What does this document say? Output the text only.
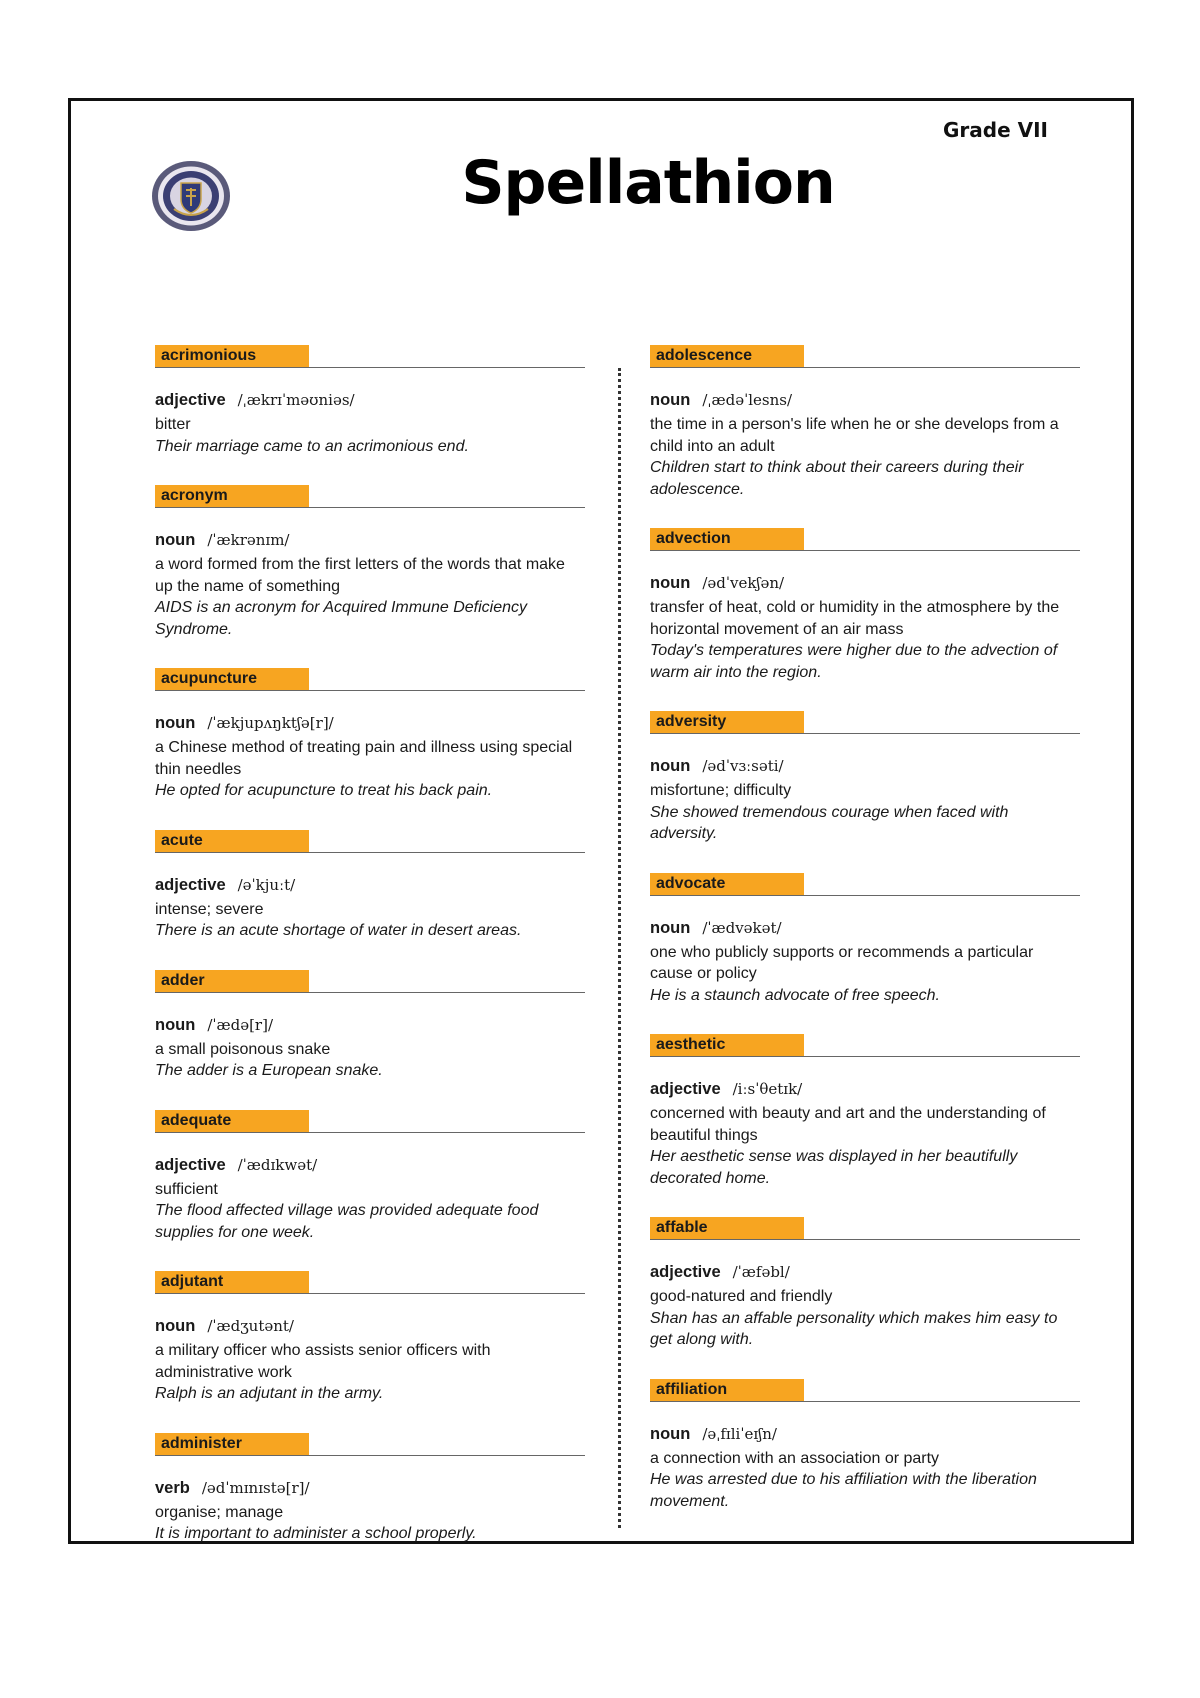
Grade VII
Spellathion
acrimonious

adjective /ˌækrɪˈməʊniəs/

bitter

Their marriage came to an acrimonious end.

acronym

noun /ˈækrənɪm/

a word formed from the first letters of the words that make up the name of something

AIDS is an acronym for Acquired Immune Deficiency Syndrome.

acupuncture

noun /ˈækjupʌŋktʃə[r]/

a Chinese method of treating pain and illness using special thin needles

He opted for acupuncture to treat his back pain.

acute

adjective /əˈkjuːt/

intense; severe

There is an acute shortage of water in desert areas.

adder

noun /ˈædə[r]/

a small poisonous snake

The adder is a European snake.

adequate

adjective /ˈædɪkwət/

sufficient

The flood affected village was provided adequate food supplies for one week.

adjutant

noun /ˈædʒutənt/

a military officer who assists senior officers with administrative work

Ralph is an adjutant in the army.

administer

verb /ədˈmɪnɪstə[r]/

organise; manage

It is important to administer a school properly.

adolescence

noun /ˌædəˈlesns/

the time in a person's life when he or she develops from a child into an adult

Children start to think about their careers during their adolescence.

advection

noun /ədˈvekʃən/

transfer of heat, cold or humidity in the atmosphere by the horizontal movement of an air mass

Today's temperatures were higher due to the advection of warm air into the region.

adversity

noun /ədˈvɜːsəti/

misfortune; difficulty

She showed tremendous courage when faced with adversity.

advocate

noun /ˈædvəkət/

one who publicly supports or recommends a particular cause or policy

He is a staunch advocate of free speech.

aesthetic

adjective /iːsˈθetɪk/

concerned with beauty and art and the understanding of beautiful things

Her aesthetic sense was displayed in her beautifully decorated home.

affable

adjective /ˈæfəbl/

good-natured and friendly

Shan has an affable personality which makes him easy to get along with.

affiliation

noun /əˌfɪliˈeɪʃn/

a connection with an association or party

He was arrested due to his affiliation with the liberation movement.
